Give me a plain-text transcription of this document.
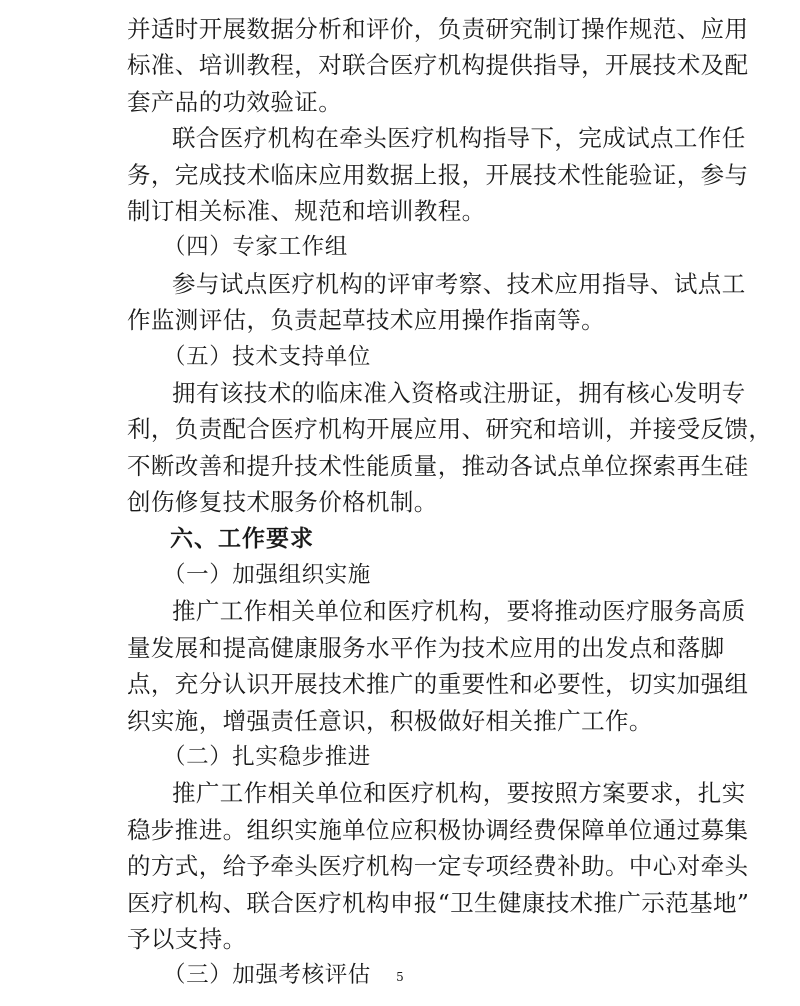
并适时开展数据分析和评价，负责研究制订操作规范、应用
标准、培训教程，对联合医疗机构提供指导，开展技术及配
套产品的功效验证。
联合医疗机构在牵头医疗机构指导下，完成试点工作任
务，完成技术临床应用数据上报，开展技术性能验证，参与
制订相关标准、规范和培训教程。
（四）专家工作组
参与试点医疗机构的评审考察、技术应用指导、试点工
作监测评估，负责起草技术应用操作指南等。
（五）技术支持单位
拥有该技术的临床准入资格或注册证，拥有核心发明专
利，负责配合医疗机构开展应用、研究和培训，并接受反馈，
不断改善和提升技术性能质量，推动各试点单位探索再生硅
创伤修复技术服务价格机制。
六、工作要求
（一）加强组织实施
推广工作相关单位和医疗机构，要将推动医疗服务高质
量发展和提高健康服务水平作为技术应用的出发点和落脚
点，充分认识开展技术推广的重要性和必要性，切实加强组
织实施，增强责任意识，积极做好相关推广工作。
（二）扎实稳步推进
推广工作相关单位和医疗机构，要按照方案要求，扎实
稳步推进。组织实施单位应积极协调经费保障单位通过募集
的方式，给予牵头医疗机构一定专项经费补助。中心对牵头
医疗机构、联合医疗机构申报“卫生健康技术推广示范基地”
予以支持。
（三）加强考核评估	5
